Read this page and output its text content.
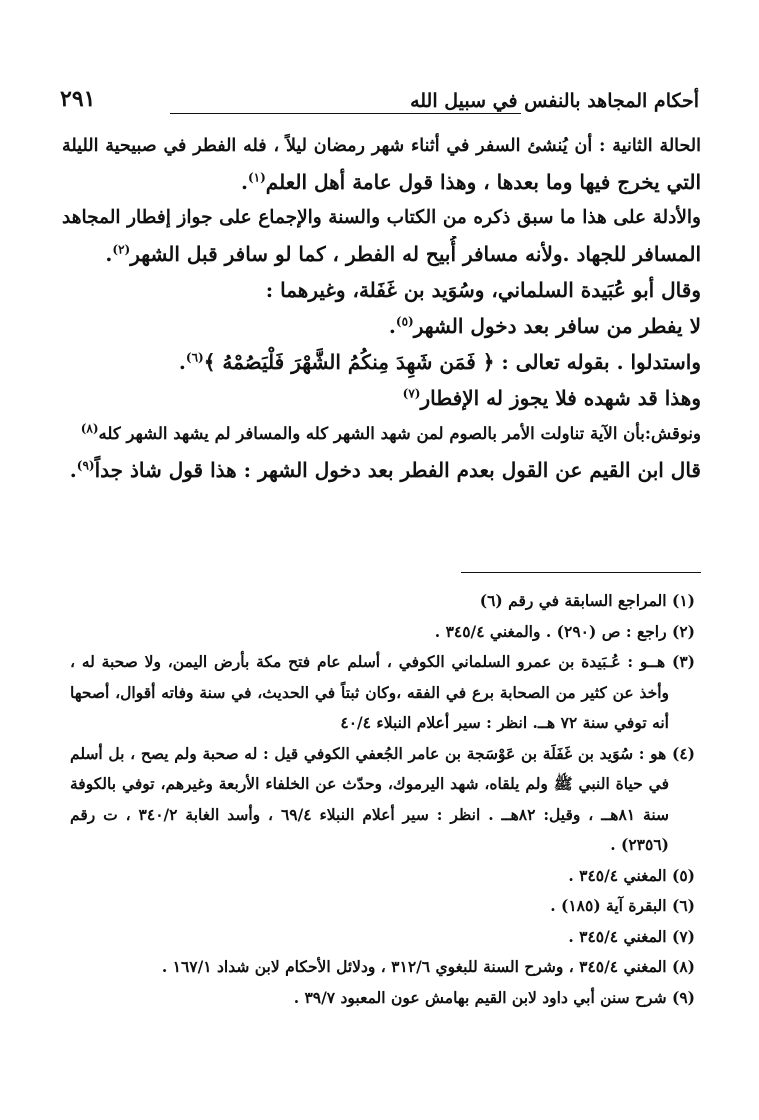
أحكام المجاهد بالنفس في سبيل الله
٢٩١
الحالة الثانية : أن يُنشئ السفر في أثناء شهر رمضان ليلاً ، فله الفطر في صبيحية الليلة
التي يخرج فيها وما بعدها ، وهذا قول عامة أهل العلم$^{(١)}$.
والأدلة على هذا ما سبق ذكره من الكتاب والسنة والإجماع على جواز إفطار المجاهد
المسافر للجهاد .ولأنه مسافر أُبيح له الفطر ، كما لو سافر قبل الشهر$^{(٢)}$.
وقال أبو عُبَيدة السلماني، وسُوَيد بن غَفَلة، وغيرهما :
لا يفطر من سافر بعد دخول الشهر$^{(٥)}$.
واستدلوا . بقوله تعالى : ﴿ فَمَن شَهِدَ مِنكُمُ الشَّهْرَ فَلْيَصُمْهُ ﴾$^{(٦)}$.
وهذا قد شهده فلا يجوز له الإفطار$^{(٧)}$
ونوقش:بأن الآية تناولت الأمر بالصوم لمن شهد الشهر كله والمسافر لم يشهد الشهر كله$^{(٨)}$
قال ابن القيم عن القول بعدم الفطر بعد دخول الشهر : هذا قول شاذ جداً$^{(٩)}$.
(١) المراجع السابقة في رقم (٦)
(٢) راجع : ص (٢٩٠) . والمغني ٣٤٥/٤ .
(٣) هــو : عُـبَيدة بن عمرو السلماني الكوفي ، أسلم عام فتح مكة بأرض اليمن، ولا صحبة له ،
وأخذ عن كثير من الصحابة برع في الفقه ،وكان ثبتاً في الحديث، في سنة وفاته أقوال، أصحها
أنه توفي سنة ٧٢ هــ. انظر : سير أعلام النبلاء ٤٠/٤
(٤) هو : سُوَيد بن غَفَلَة بن عَوْسَجة بن عامر الجُعفي الكوفي قيل : له صحبة ولم يصح ، بل أسلم
في حياة النبي ﷺ ولم يلقاه، شهد اليرموك، وحدّث عن الخلفاء الأربعة وغيرهم، توفي بالكوفة
سنة ٨١هــ ، وقيل: ٨٢هــ . انظر : سير أعلام النبلاء ٦٩/٤ ، وأسد الغابة ٣٤٠/٢ ، ت رقم
(٢٣٥٦) .
(٥) المغني ٣٤٥/٤ .
(٦) البقرة آية (١٨٥) .
(٧) المغني ٣٤٥/٤ .
(٨) المغني ٣٤٥/٤ ، وشرح السنة للبغوي ٣١٢/٦ ، ودلائل الأحكام لابن شداد ١٦٧/١ .
(٩) شرح سنن أبي داود لابن القيم بهامش عون المعبود ٣٩/٧ .
